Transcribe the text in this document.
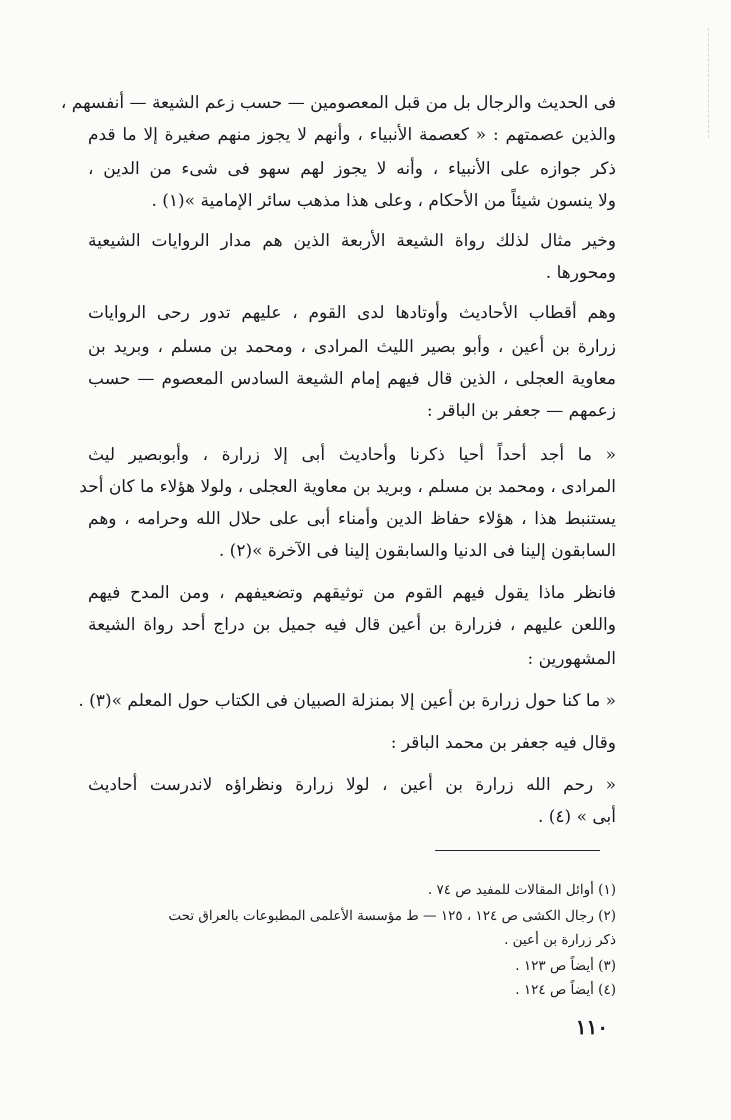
فى الحديث والرجال بل من قبل المعصومين — حسب زعم الشيعة — أنفسهم ،
والذين عصمتهم : « كعصمة الأنبياء ، وأنهم لا يجوز منهم صغيرة إلا ما قدم
ذكر جوازه على الأنبياء ، وأنه لا يجوز لهم سهو فى شىء من الدين ،
ولا ينسون شيئاً من الأحكام ، وعلى هذا مذهب سائر الإمامية »(١) .
وخير مثال لذلك رواة الشيعة الأربعة الذين هم مدار الروايات الشيعية
ومحورها .
وهم أقطاب الأحاديث وأوتادها لدى القوم ، عليهم تدور رحى الروايات
زرارة بن أعين ، وأبو بصير الليث المرادى ، ومحمد بن مسلم ، وبريد بن
معاوية العجلى ، الذين قال فيهم إمام الشيعة السادس المعصوم — حسب
زعمهم — جعفر بن الباقر :
« ما أجد أحداً أحيا ذكرنا وأحاديث أبى إلا زرارة ، وأبوبصير ليث
المرادى ، ومحمد بن مسلم ، وبريد بن معاوية العجلى ، ولولا هؤلاء ما كان أحد
يستنبط هذا ، هؤلاء حفاظ الدين وأمناء أبى على حلال الله وحرامه ، وهم
السابقون إلينا فى الدنيا والسابقون إلينا فى الآخرة »(٢) .
فانظر ماذا يقول فيهم القوم من توثيقهم وتضعيفهم ، ومن المدح فيهم
واللعن عليهم ، فزرارة بن أعين قال فيه جميل بن دراج أحد رواة الشيعة
المشهورين :
« ما كنا حول زرارة بن أعين إلا بمنزلة الصبيان فى الكتاب حول المعلم »(٣) .
وقال فيه جعفر بن محمد الباقر :
« رحم الله زرارة بن أعين ، لولا زرارة ونظراؤه لاندرست أحاديث
أبى » (٤) .
(١) أوائل المقالات للمفيد ص ٧٤ .
(٢) رجال الكشى ص ١٢٤ ، ١٢٥ — ط مؤسسة الأعلمى المطبوعات بالعراق تحت
ذكر زرارة بن أعين .
(٣) أيضاً ص ١٢٣ .
(٤) أيضاً ص ١٢٤ .
١١٠
